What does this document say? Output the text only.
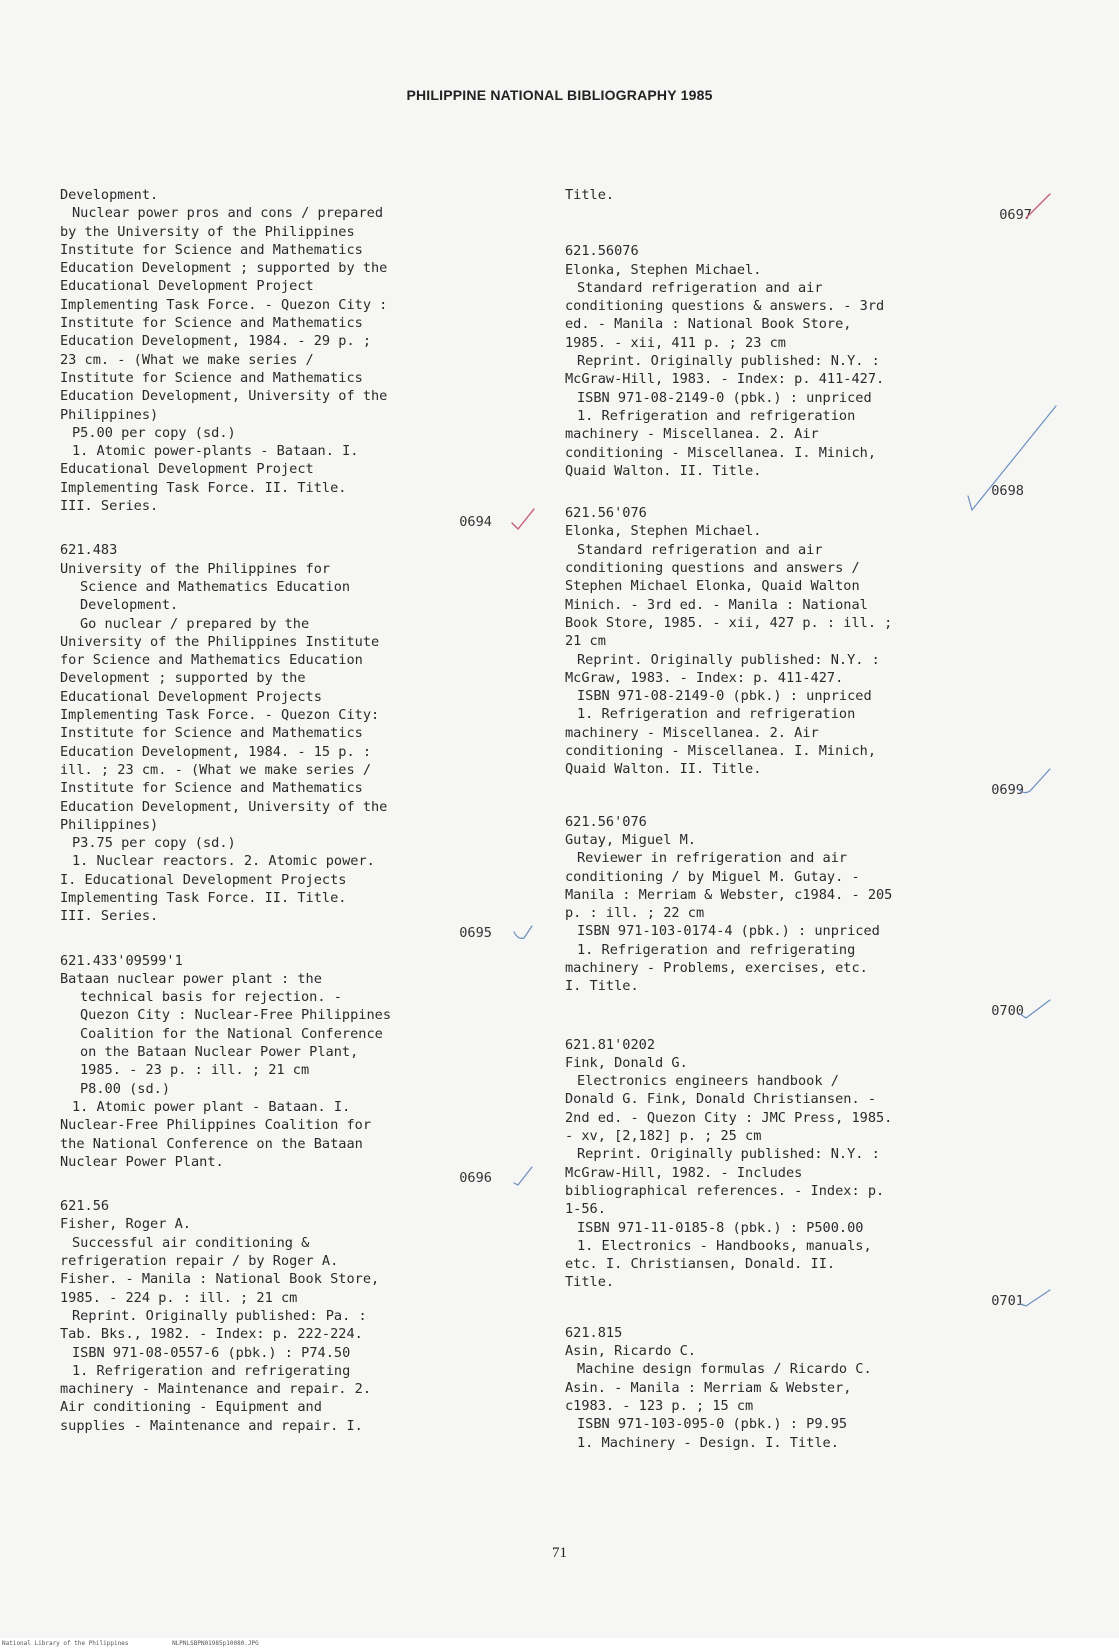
PHILIPPINE NATIONAL BIBLIOGRAPHY 1985
Development.
Nuclear power pros and cons / prepared
by the University of the Philippines
Institute for Science and Mathematics
Education Development ; supported by the
Educational Development Project
Implementing Task Force. - Quezon City :
Institute for Science and Mathematics
Education Development, 1984. - 29 p. ;
23 cm. - (What we make series /
Institute for Science and Mathematics
Education Development, University of the
Philippines)
P5.00 per copy (sd.)
1. Atomic power-plants - Bataan. I.
Educational Development Project
Implementing Task Force. II. Title.
III. Series.
0694
621.483
University of the Philippines for
Science and Mathematics Education
Development.
Go nuclear / prepared by the
University of the Philippines Institute
for Science and Mathematics Education
Development ; supported by the
Educational Development Projects
Implementing Task Force. - Quezon City:
Institute for Science and Mathematics
Education Development, 1984. - 15 p. :
ill. ; 23 cm. - (What we make series /
Institute for Science and Mathematics
Education Development, University of the
Philippines)
P3.75 per copy (sd.)
1. Nuclear reactors. 2. Atomic power.
I. Educational Development Projects
Implementing Task Force. II. Title.
III. Series.
0695
621.433'09599'1
Bataan nuclear power plant : the
technical basis for rejection. -
Quezon City : Nuclear-Free Philippines
Coalition for the National Conference
on the Bataan Nuclear Power Plant,
1985. - 23 p. : ill. ; 21 cm
P8.00 (sd.)
1. Atomic power plant - Bataan. I.
Nuclear-Free Philippines Coalition for
the National Conference on the Bataan
Nuclear Power Plant.
0696
621.56
Fisher, Roger A.
Successful air conditioning &
refrigeration repair / by Roger A.
Fisher. - Manila : National Book Store,
1985. - 224 p. : ill. ; 21 cm
Reprint. Originally published: Pa. :
Tab. Bks., 1982. - Index: p. 222-224.
ISBN 971-08-0557-6 (pbk.) : P74.50
1. Refrigeration and refrigerating
machinery - Maintenance and repair. 2.
Air conditioning - Equipment and
supplies - Maintenance and repair. I.
Title.
0697
621.56076
Elonka, Stephen Michael.
Standard refrigeration and air
conditioning questions & answers. - 3rd
ed. - Manila : National Book Store,
1985. - xii, 411 p. ; 23 cm
Reprint. Originally published: N.Y. :
McGraw-Hill, 1983. - Index: p. 411-427.
ISBN 971-08-2149-0 (pbk.) : unpriced
1. Refrigeration and refrigeration
machinery - Miscellanea. 2. Air
conditioning - Miscellanea. I. Minich,
Quaid Walton. II. Title.
0698
621.56'076
Elonka, Stephen Michael.
Standard refrigeration and air
conditioning questions and answers /
Stephen Michael Elonka, Quaid Walton
Minich. - 3rd ed. - Manila : National
Book Store, 1985. - xii, 427 p. : ill. ;
21 cm
Reprint. Originally published: N.Y. :
McGraw, 1983. - Index: p. 411-427.
ISBN 971-08-2149-0 (pbk.) : unpriced
1. Refrigeration and refrigeration
machinery - Miscellanea. 2. Air
conditioning - Miscellanea. I. Minich,
Quaid Walton. II. Title.
0699
621.56'076
Gutay, Miguel M.
Reviewer in refrigeration and air
conditioning / by Miguel M. Gutay. -
Manila : Merriam & Webster, c1984. - 205
p. : ill. ; 22 cm
ISBN 971-103-0174-4 (pbk.) : unpriced
1. Refrigeration and refrigerating
machinery - Problems, exercises, etc.
I. Title.
0700
621.81'0202
Fink, Donald G.
Electronics engineers handbook /
Donald G. Fink, Donald Christiansen. -
2nd ed. - Quezon City : JMC Press, 1985.
- xv, [2,182] p. ; 25 cm
Reprint. Originally published: N.Y. :
McGraw-Hill, 1982. - Includes
bibliographical references. - Index: p.
1-56.
ISBN 971-11-0185-8 (pbk.) : P500.00
1. Electronics - Handbooks, manuals,
etc. I. Christiansen, Donald. II.
Title.
0701
621.815
Asin, Ricardo C.
Machine design formulas / Ricardo C.
Asin. - Manila : Merriam & Webster,
c1983. - 123 p. ; 15 cm
ISBN 971-103-095-0 (pbk.) : P9.95
1. Machinery - Design. I. Title.
71
National Library of the Philippines	NLPNLSBPN01985p10080.JPG
